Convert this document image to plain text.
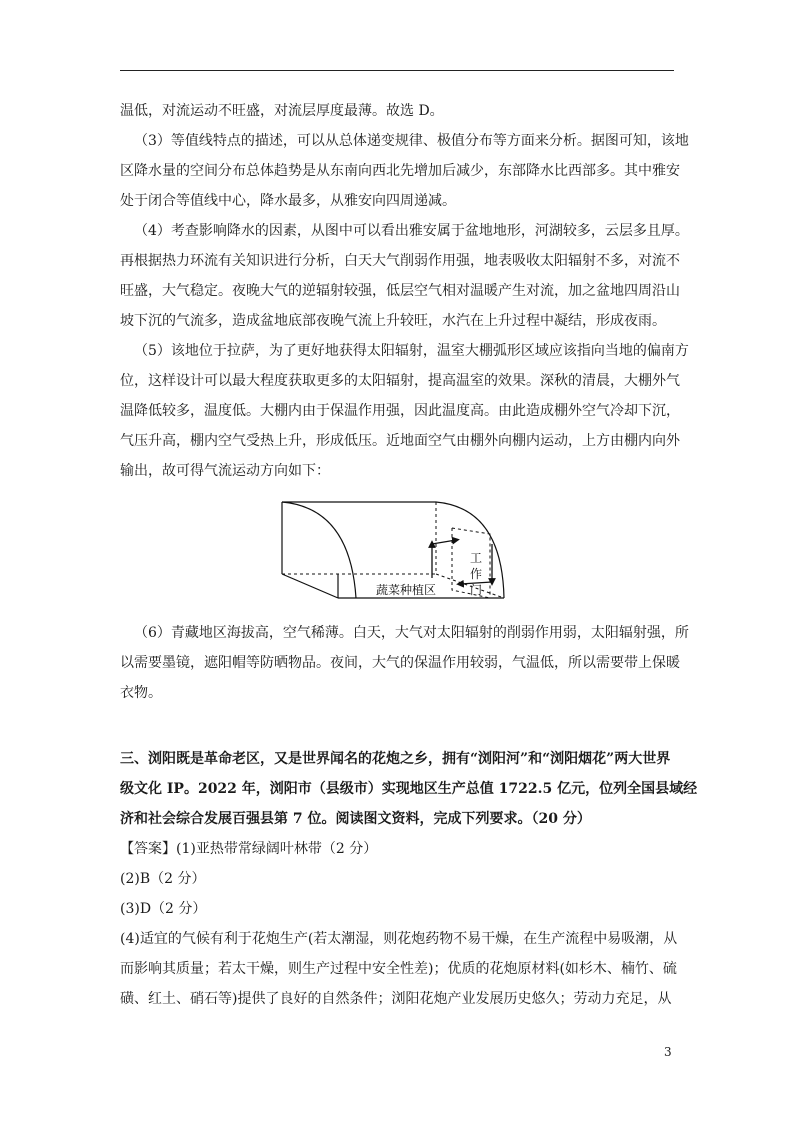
温低，对流运动不旺盛，对流层厚度最薄。故选 D。

（3）等值线特点的描述，可以从总体递变规律、极值分布等方面来分析。据图可知，该地

区降水量的空间分布总体趋势是从东南向西北先增加后减少，东部降水比西部多。其中雅安

处于闭合等值线中心，降水最多，从雅安向四周递减。

（4）考查影响降水的因素，从图中可以看出雅安属于盆地地形，河湖较多，云层多且厚。

再根据热力环流有关知识进行分析，白天大气削弱作用强，地表吸收太阳辐射不多，对流不

旺盛，大气稳定。夜晚大气的逆辐射较强，低层空气相对温暖产生对流，加之盆地四周沿山

坡下沉的气流多，造成盆地底部夜晚气流上升较旺，水汽在上升过程中凝结，形成夜雨。

（5）该地位于拉萨，为了更好地获得太阳辐射，温室大棚弧形区域应该指向当地的偏南方

位，这样设计可以最大程度获取更多的太阳辐射，提高温室的效果。深秋的清晨，大棚外气

温降低较多，温度低。大棚内由于保温作用强，因此温度高。由此造成棚外空气冷却下沉，

气压升高，棚内空气受热上升，形成低压。近地面空气由棚外向棚内运动，上方由棚内向外

输出，故可得气流运动方向如下：

工
作
门
蔬菜种植区

（6）青藏地区海拔高，空气稀薄。白天，大气对太阳辐射的削弱作用弱，太阳辐射强，所

以需要墨镜，遮阳帽等防晒物品。夜间，大气的保温作用较弱，气温低，所以需要带上保暖

衣物。

三、浏阳既是革命老区，又是世界闻名的花炮之乡，拥有“浏阳河”和“浏阳烟花”两大世界

级文化 IP。2022 年，浏阳市（县级市）实现地区生产总值 1722.5 亿元，位列全国县域经

济和社会综合发展百强县第 7 位。阅读图文资料，完成下列要求。（20 分）

【答案】(1)亚热带常绿阔叶林带（2 分）

(2)B（2 分）

(3)D（2 分）

(4)适宜的气候有利于花炮生产(若太潮湿，则花炮药物不易干燥，在生产流程中易吸潮，从

而影响其质量；若太干燥，则生产过程中安全性差)；优质的花炮原材料(如杉木、楠竹、硫

磺、红土、硝石等)提供了良好的自然条件；浏阳花炮产业发展历史悠久；劳动力充足，从

3
